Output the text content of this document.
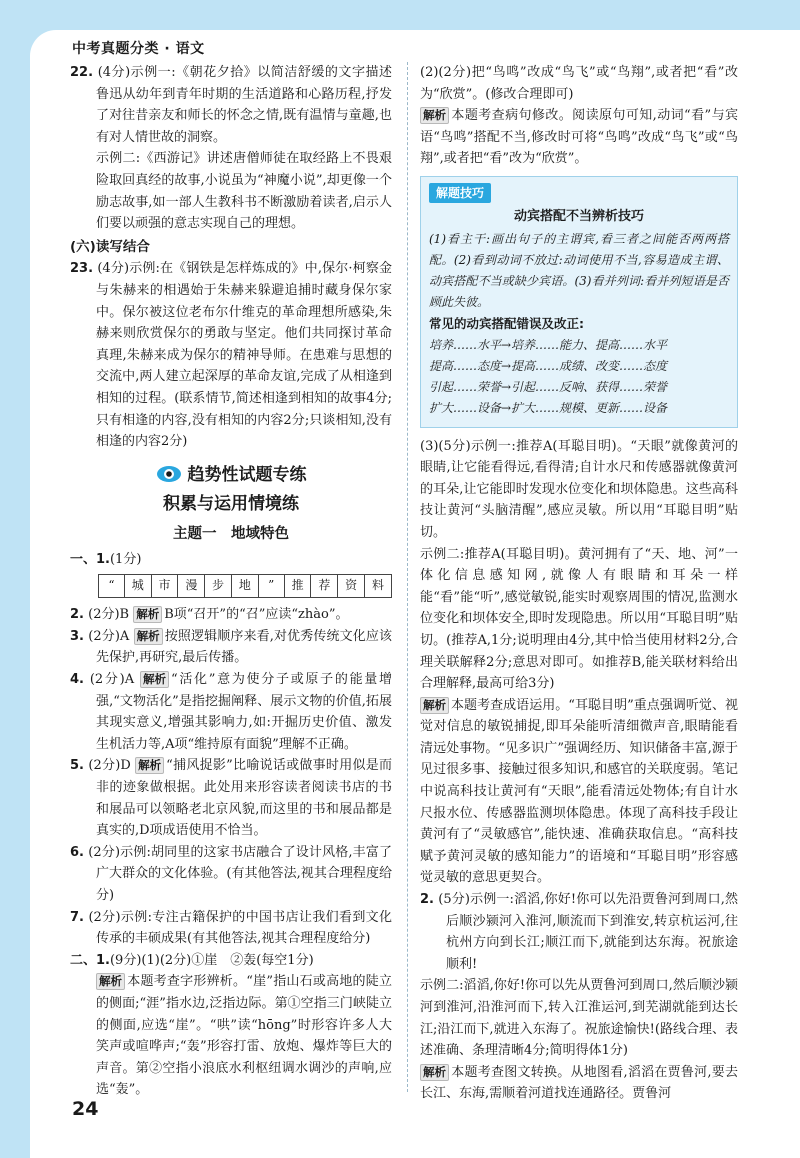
中考真题分类 · 语文

22. (4分)示例一:《朝花夕拾》以简洁舒缓的文字描述鲁迅从幼年到青年时期的生活道路和心路历程,抒发了对往昔亲友和师长的怀念之情,既有温情与童趣,也有对人情世故的洞察。

示例二:《西游记》讲述唐僧师徒在取经路上不畏艰险取回真经的故事,小说虽为“神魔小说”,却更像一个励志故事,如一部人生教科书不断激励着读者,启示人们要以顽强的意志实现自己的理想。

(六)读写结合

23. (4分)示例:在《钢铁是怎样炼成的》中,保尔·柯察金与朱赫来的相遇始于朱赫来躲避追捕时藏身保尔家中。保尔被这位老布尔什维克的革命理想所感染,朱赫来则欣赏保尔的勇敢与坚定。他们共同探讨革命真理,朱赫来成为保尔的精神导师。在患难与思想的交流中,两人建立起深厚的革命友谊,完成了从相逢到相知的过程。(联系情节,简述相逢到相知的故事4分;只有相逢的内容,没有相知的内容2分;只谈相知,没有相逢的内容2分)

趋势性试题专练
积累与运用情境练
主题一　地域特色

一、1.(1分)

“	城	市	漫	步	地	”	推	荐	资	料

2. (2分)B 解析 B项“召开”的“召”应读“zhào”。

3. (2分)A 解析 按照逻辑顺序来看,对优秀传统文化应该先保护,再研究,最后传播。

4. (2分)A 解析 “活化”意为使分子或原子的能量增强,“文物活化”是指挖掘阐释、展示文物的价值,拓展其现实意义,增强其影响力,如:开掘历史价值、激发生机活力等,A项“维持原有面貌”理解不正确。

5. (2分)D 解析 “捕风捉影”比喻说话或做事时用似是而非的迹象做根据。此处用来形容读者阅读书店的书和展品可以领略老北京风貌,而这里的书和展品都是真实的,D项成语使用不恰当。

6. (2分)示例:胡同里的这家书店融合了设计风格,丰富了广大群众的文化体验。(有其他答法,视其合理程度给分)

7. (2分)示例:专注古籍保护的中国书店让我们看到文化传承的丰硕成果(有其他答法,视其合理程度给分)

二、1.(9分)(1)(2分)①崖　②轰(每空1分)

解析 本题考查字形辨析。“崖”指山石或高地的陡立的侧面;“涯”指水边,泛指边际。第①空指三门峡陡立的侧面,应选“崖”。“哄”读“hōng”时形容许多人大笑声或喧哗声;“轰”形容打雷、放炮、爆炸等巨大的声音。第②空指小浪底水利枢纽调水调沙的声响,应选“轰”。

(2)(2分)把“鸟鸣”改成“鸟飞”或“鸟翔”,或者把“看”改为“欣赏”。(修改合理即可)

解析 本题考查病句修改。阅读原句可知,动词“看”与宾语“鸟鸣”搭配不当,修改时可将“鸟鸣”改成“鸟飞”或“鸟翔”,或者把“看”改为“欣赏”。

解题技巧
动宾搭配不当辨析技巧

(1)看主干:画出句子的主谓宾,看三者之间能否两两搭配。(2)看到动词不放过:动词使用不当,容易造成主谓、动宾搭配不当或缺少宾语。(3)看并列词:看并列短语是否顾此失彼。

常见的动宾搭配错误及改正:
培养……水平→培养……能力、提高……水平
提高……态度→提高……成绩、改变……态度
引起……荣誉→引起……反响、获得……荣誉
扩大……设备→扩大……规模、更新……设备

(3)(5分)示例一:推荐A(耳聪目明)。“天眼”就像黄河的眼睛,让它能看得远,看得清;自计水尺和传感器就像黄河的耳朵,让它能即时发现水位变化和坝体隐患。这些高科技让黄河“头脑清醒”,感应灵敏。所以用“耳聪目明”贴切。

示例二:推荐A(耳聪目明)。黄河拥有了“天、地、河”一体化信息感知网,就像人有眼睛和耳朵一样能“看”能“听”,感觉敏锐,能实时观察周围的情况,监测水位变化和坝体安全,即时发现隐患。所以用“耳聪目明”贴切。(推荐A,1分;说明理由4分,其中恰当使用材料2分,合理关联解释2分;意思对即可。如推荐B,能关联材料给出合理解释,最高可给3分)

解析 本题考查成语运用。“耳聪目明”重点强调听觉、视觉对信息的敏锐捕捉,即耳朵能听清细微声音,眼睛能看清远处事物。“见多识广”强调经历、知识储备丰富,源于见过很多事、接触过很多知识,和感官的关联度弱。笔记中说高科技让黄河有“天眼”,能看清远处物体;有自计水尺报水位、传感器监测坝体隐患。体现了高科技手段让黄河有了“灵敏感官”,能快速、准确获取信息。“高科技赋予黄河灵敏的感知能力”的语境和“耳聪目明”形容感觉灵敏的意思更契合。

2. (5分)示例一:滔滔,你好!你可以先沿贾鲁河到周口,然后顺沙颍河入淮河,顺流而下到淮安,转京杭运河,往杭州方向到长江;顺江而下,就能到达东海。祝旅途顺利!

示例二:滔滔,你好!你可以先从贾鲁河到周口,然后顺沙颍河到淮河,沿淮河而下,转入江淮运河,到芜湖就能到达长江;沿江而下,就进入东海了。祝旅途愉快!(路线合理、表述准确、条理清晰4分;简明得体1分)

解析 本题考查图文转换。从地图看,滔滔在贾鲁河,要去长江、东海,需顺着河道找连通路径。贾鲁河

24
